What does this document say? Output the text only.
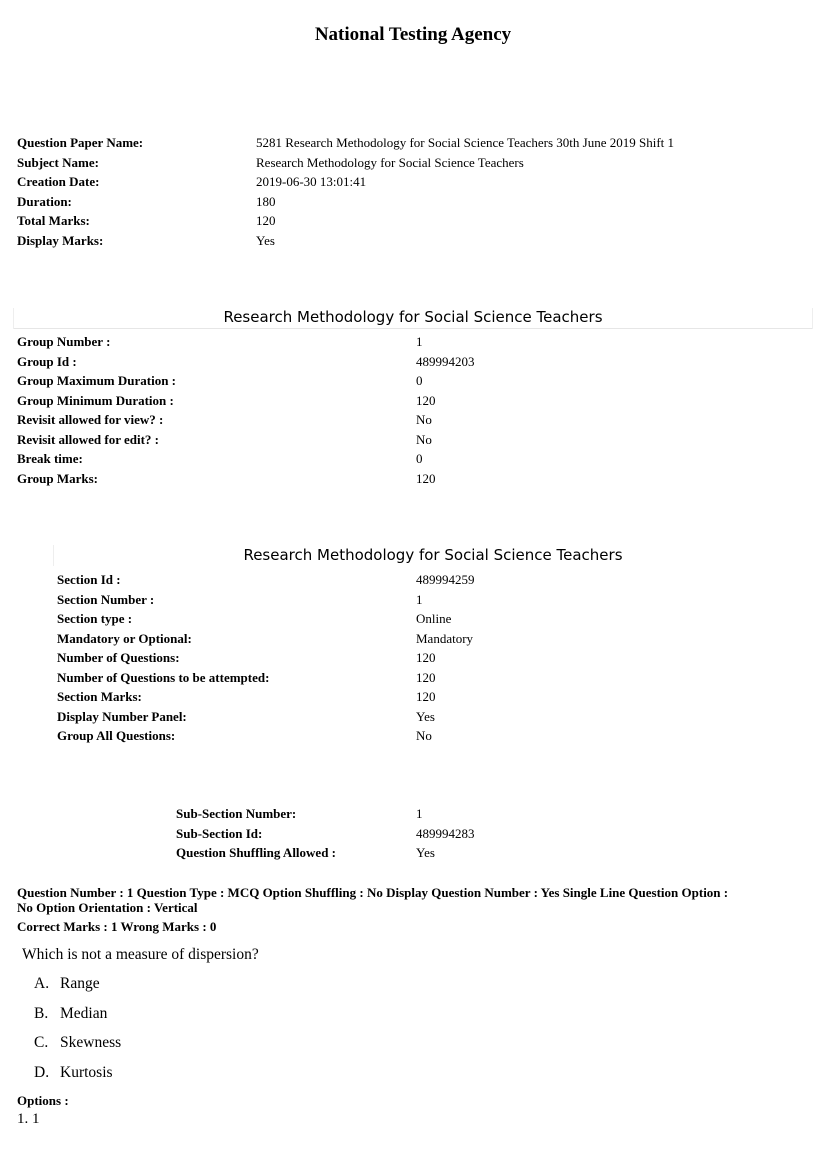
National Testing Agency
Question Paper Name:	5281 Research Methodology for Social Science Teachers 30th June 2019 Shift 1
Subject Name:	Research Methodology for Social Science Teachers
Creation Date:	2019-06-30 13:01:41
Duration:	180
Total Marks:	120
Display Marks:	Yes
Research Methodology for Social Science Teachers
Group Number :	1
Group Id :	489994203
Group Maximum Duration :	0
Group Minimum Duration :	120
Revisit allowed for view? :	No
Revisit allowed for edit? :	No
Break time:	0
Group Marks:	120
Research Methodology for Social Science Teachers
Section Id :	489994259
Section Number :	1
Section type :	Online
Mandatory or Optional:	Mandatory
Number of Questions:	120
Number of Questions to be attempted:	120
Section Marks:	120
Display Number Panel:	Yes
Group All Questions:	No
Sub-Section Number:	1
Sub-Section Id:	489994283
Question Shuffling Allowed :	Yes
Question Number : 1 Question Type : MCQ Option Shuffling : No Display Question Number : Yes Single Line Question Option :
No Option Orientation : Vertical
Correct Marks : 1 Wrong Marks : 0
Which is not a measure of dispersion?
A. Range
B. Median
C. Skewness
D. Kurtosis
Options :
1. 1
